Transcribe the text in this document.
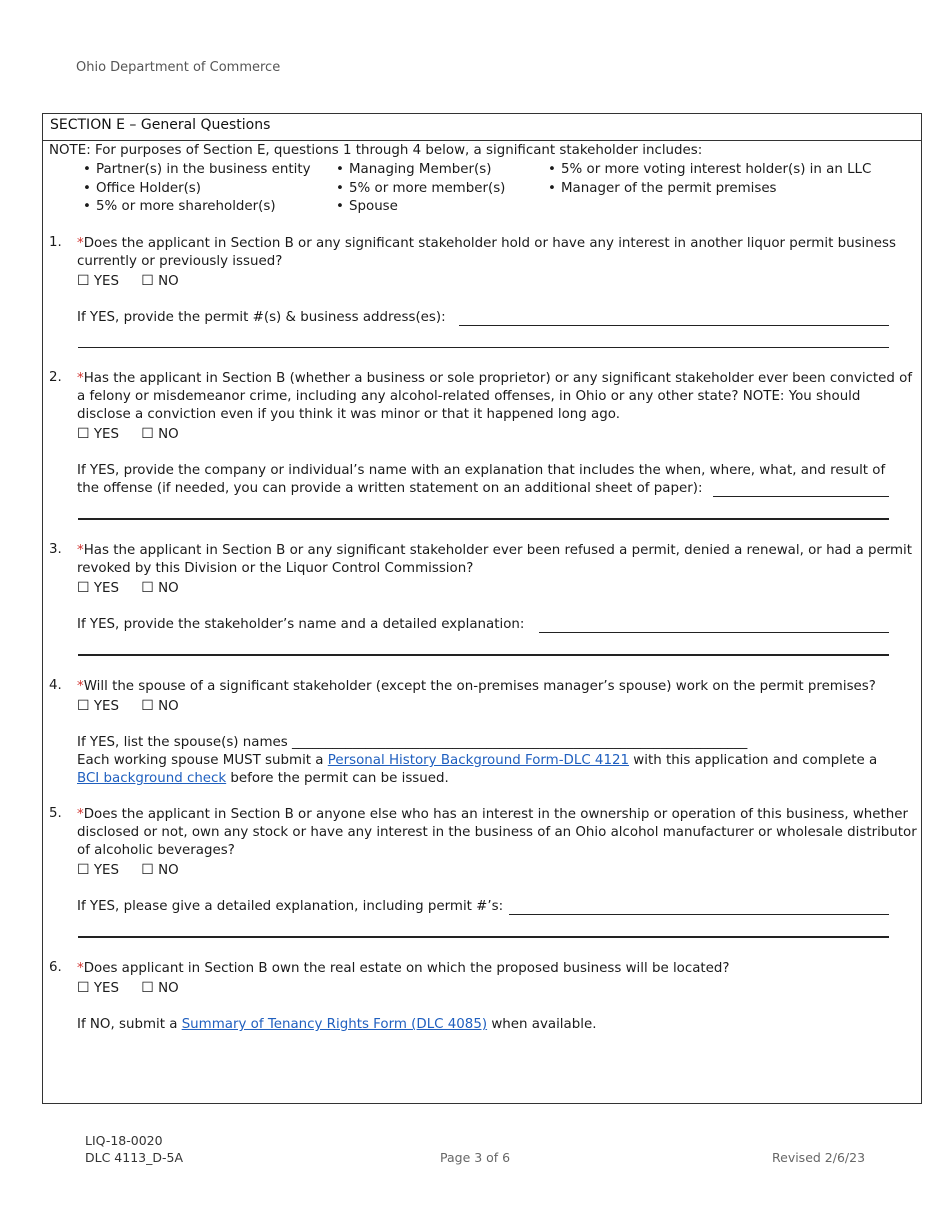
Ohio Department of Commerce
SECTION E – General Questions
NOTE: For purposes of Section E, questions 1 through 4 below, a significant stakeholder includes:
• Partner(s) in the business entity
• Office Holder(s)
• 5% or more shareholder(s)
• Managing Member(s)
• 5% or more member(s)
• Spouse
• 5% or more voting interest holder(s) in an LLC
• Manager of the permit premises
1. *Does the applicant in Section B or any significant stakeholder hold or have any interest in another liquor permit business currently or previously issued?
☐ YES ☐ NO
If YES, provide the permit #(s) & business address(es):
2. *Has the applicant in Section B (whether a business or sole proprietor) or any significant stakeholder ever been convicted of a felony or misdemeanor crime, including any alcohol-related offenses, in Ohio or any other state? NOTE: You should disclose a conviction even if you think it was minor or that it happened long ago.
☐ YES ☐ NO
If YES, provide the company or individual’s name with an explanation that includes the when, where, what, and result of
the offense (if needed, you can provide a written statement on an additional sheet of paper):
3. *Has the applicant in Section B or any significant stakeholder ever been refused a permit, denied a renewal, or had a permit revoked by this Division or the Liquor Control Commission?
☐ YES ☐ NO
If YES, provide the stakeholder’s name and a detailed explanation:
4. *Will the spouse of a significant stakeholder (except the on-premises manager’s spouse) work on the permit premises?
☐ YES ☐ NO
If YES, list the spouse(s) names ____________________________________________________________________
Each working spouse MUST submit a Personal History Background Form-DLC 4121 with this application and complete a
BCI background check before the permit can be issued.
5. *Does the applicant in Section B or anyone else who has an interest in the ownership or operation of this business, whether disclosed or not, own any stock or have any interest in the business of an Ohio alcohol manufacturer or wholesale distributor of alcoholic beverages?
☐ YES ☐ NO
If YES, please give a detailed explanation, including permit #’s:
6. *Does applicant in Section B own the real estate on which the proposed business will be located?
☐ YES ☐ NO
If NO, submit a Summary of Tenancy Rights Form (DLC 4085) when available.
LIQ-18-0020
DLC 4113_D-5A	Page 3 of 6	Revised 2/6/23
